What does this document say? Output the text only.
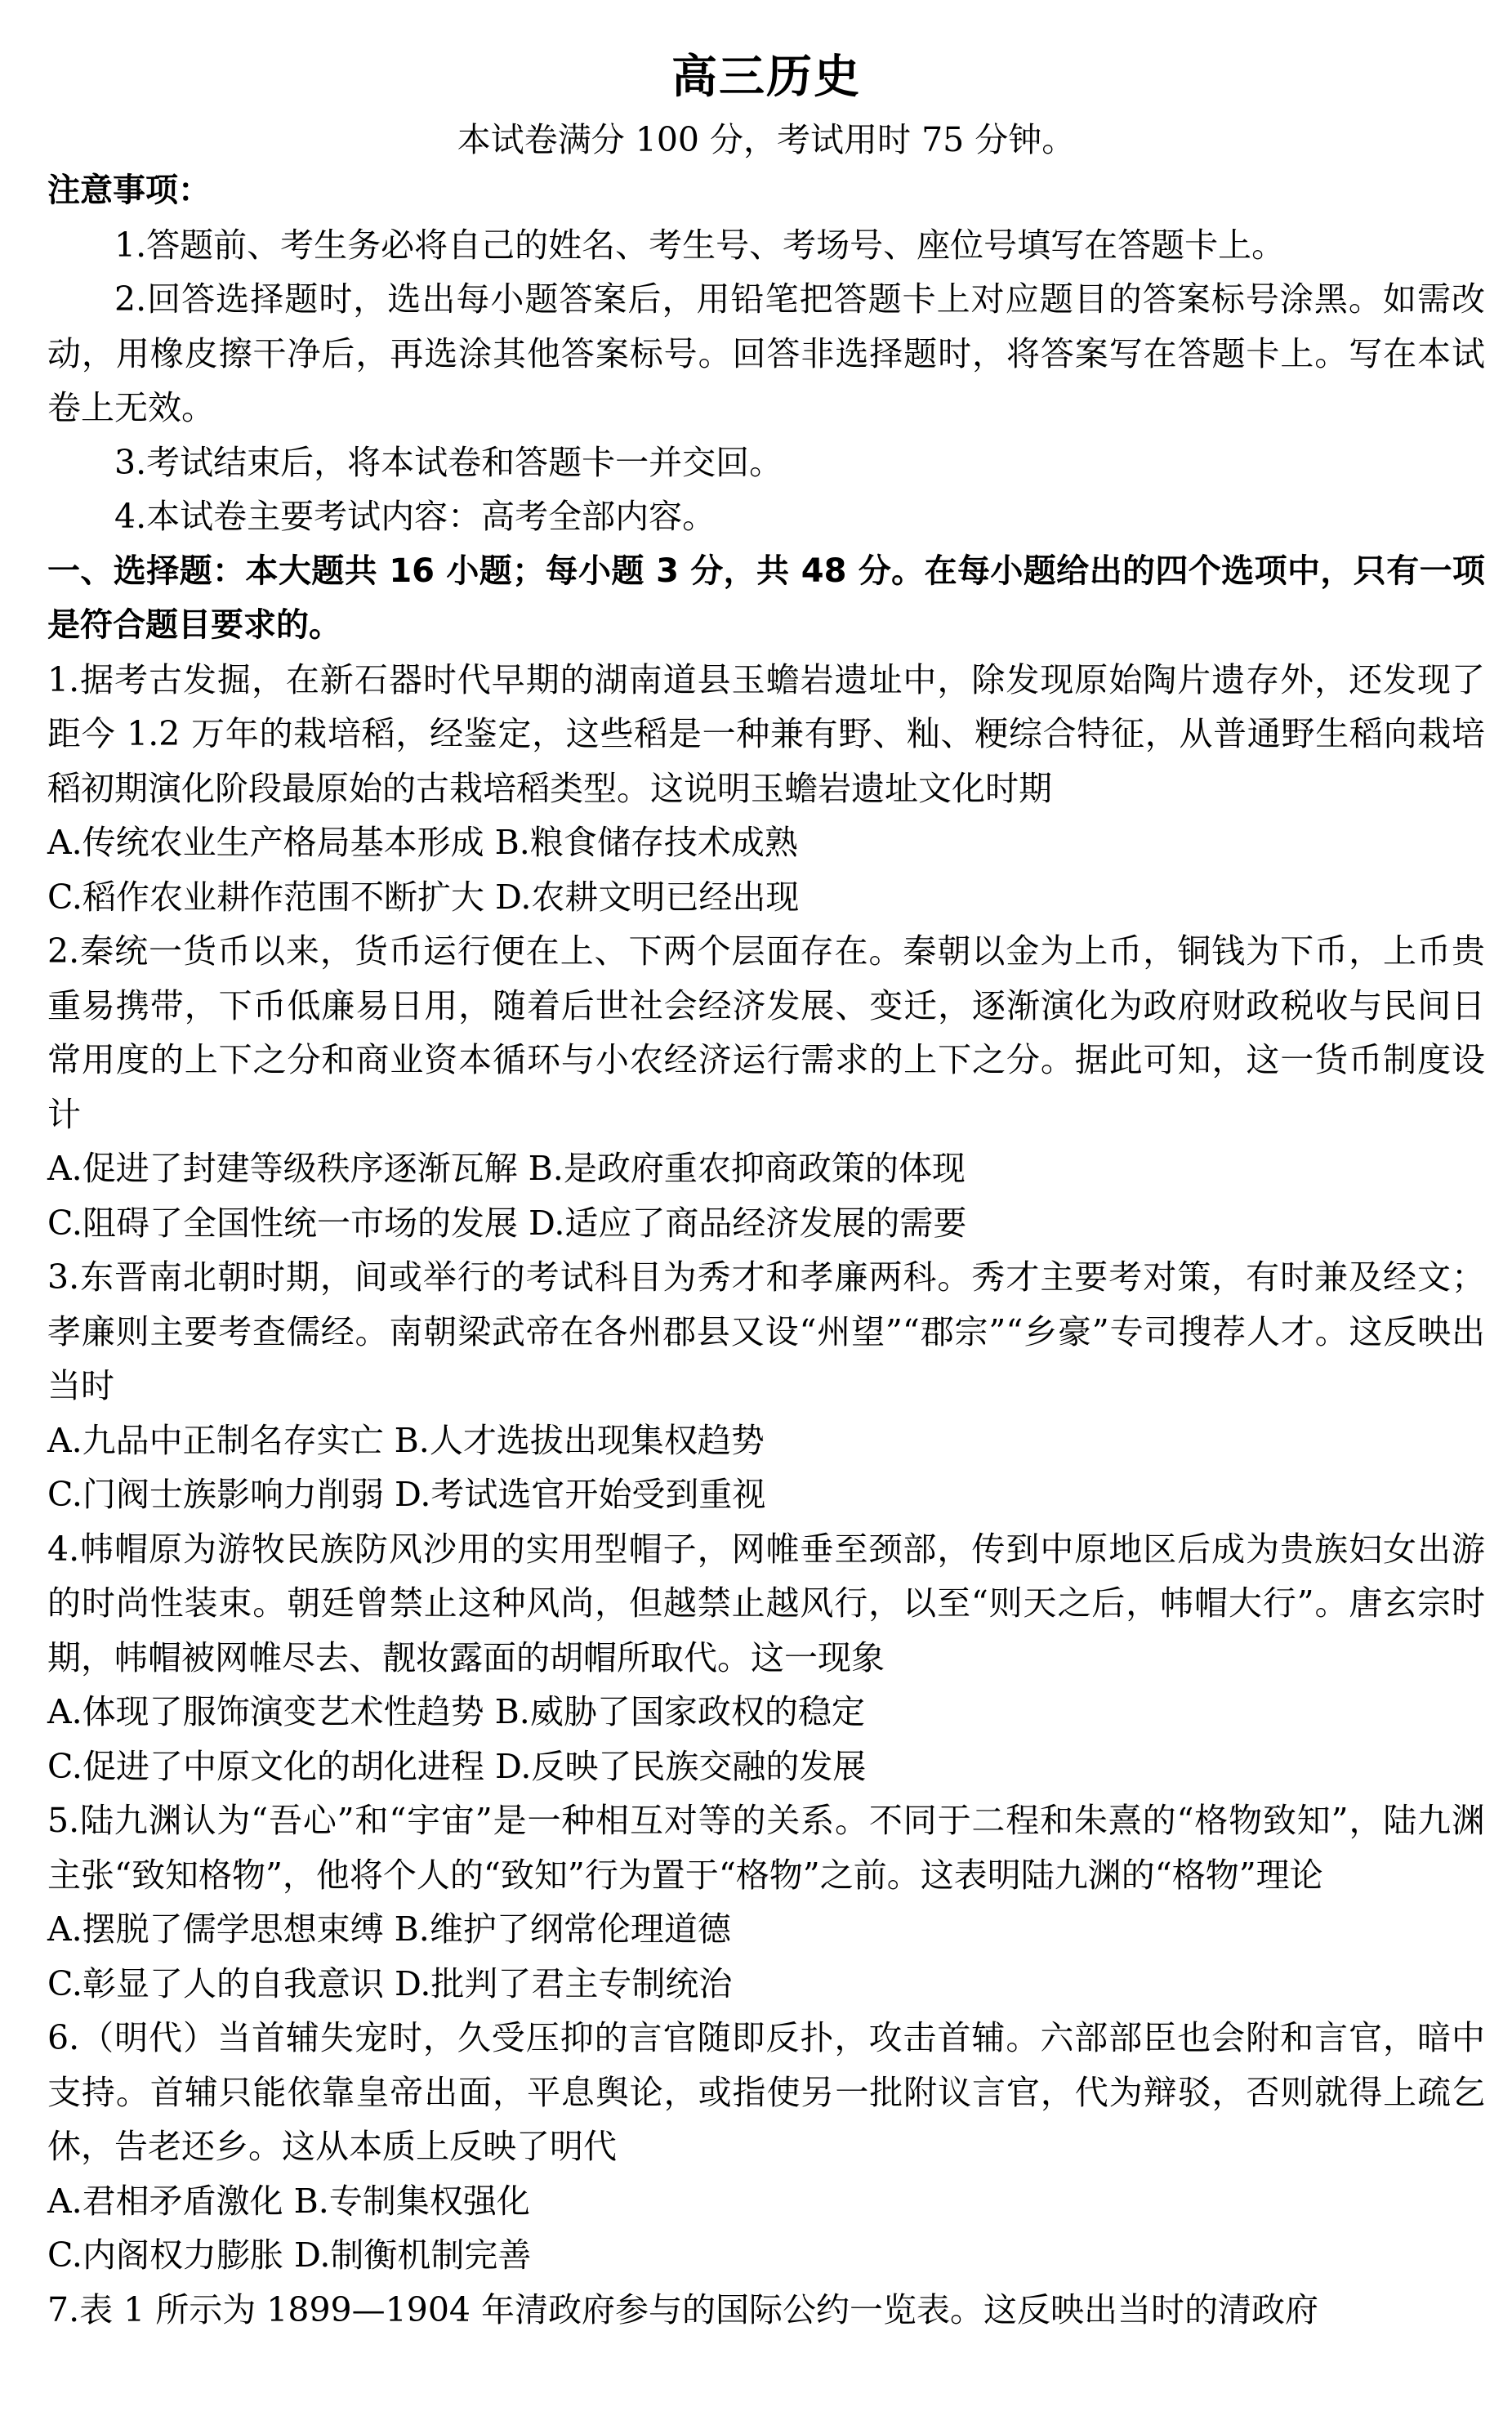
高三历史
本试卷满分 100 分，考试用时 75 分钟。

注意事项：

1.答题前、考生务必将自己的姓名、考生号、考场号、座位号填写在答题卡上。

2.回答选择题时，选出每小题答案后，用铅笔把答题卡上对应题目的答案标号涂黑。如需改动，用橡皮擦干净后，再选涂其他答案标号。回答非选择题时，将答案写在答题卡上。写在本试卷上无效。

3.考试结束后，将本试卷和答题卡一并交回。

4.本试卷主要考试内容：高考全部内容。

一、选择题：本大题共 16 小题；每小题 3 分，共 48 分。在每小题给出的四个选项中，只有一项是符合题目要求的。

1.据考古发掘，在新石器时代早期的湖南道县玉蟾岩遗址中，除发现原始陶片遗存外，还发现了距今 1.2 万年的栽培稻，经鉴定，这些稻是一种兼有野、籼、粳综合特征，从普通野生稻向栽培稻初期演化阶段最原始的古栽培稻类型。这说明玉蟾岩遗址文化时期

A.传统农业生产格局基本形成 B.粮食储存技术成熟

C.稻作农业耕作范围不断扩大 D.农耕文明已经出现

2.秦统一货币以来，货币运行便在上、下两个层面存在。秦朝以金为上币，铜钱为下币，上币贵重易携带，下币低廉易日用，随着后世社会经济发展、变迁，逐渐演化为政府财政税收与民间日常用度的上下之分和商业资本循环与小农经济运行需求的上下之分。据此可知，这一货币制度设计

A.促进了封建等级秩序逐渐瓦解 B.是政府重农抑商政策的体现

C.阻碍了全国性统一市场的发展 D.适应了商品经济发展的需要

3.东晋南北朝时期，间或举行的考试科目为秀才和孝廉两科。秀才主要考对策，有时兼及经文；孝廉则主要考查儒经。南朝梁武帝在各州郡县又设“州望”“郡宗”“乡豪”专司搜荐人才。这反映出当时

A.九品中正制名存实亡 B.人才选拔出现集权趋势

C.门阀士族影响力削弱 D.考试选官开始受到重视

4.帏帽原为游牧民族防风沙用的实用型帽子，网帷垂至颈部，传到中原地区后成为贵族妇女出游的时尚性装束。朝廷曾禁止这种风尚，但越禁止越风行，以至“则天之后，帏帽大行”。唐玄宗时期，帏帽被网帷尽去、靓妆露面的胡帽所取代。这一现象

A.体现了服饰演变艺术性趋势 B.威胁了国家政权的稳定

C.促进了中原文化的胡化进程 D.反映了民族交融的发展

5.陆九渊认为“吾心”和“宇宙”是一种相互对等的关系。不同于二程和朱熹的“格物致知”，陆九渊主张“致知格物”，他将个人的“致知”行为置于“格物”之前。这表明陆九渊的“格物”理论

A.摆脱了儒学思想束缚 B.维护了纲常伦理道德

C.彰显了人的自我意识 D.批判了君主专制统治

6.（明代）当首辅失宠时，久受压抑的言官随即反扑，攻击首辅。六部部臣也会附和言官，暗中支持。首辅只能依靠皇帝出面，平息舆论，或指使另一批附议言官，代为辩驳，否则就得上疏乞休，告老还乡。这从本质上反映了明代

A.君相矛盾激化 B.专制集权强化

C.内阁权力膨胀 D.制衡机制完善

7.表 1 所示为 1899—1904 年清政府参与的国际公约一览表。这反映出当时的清政府
